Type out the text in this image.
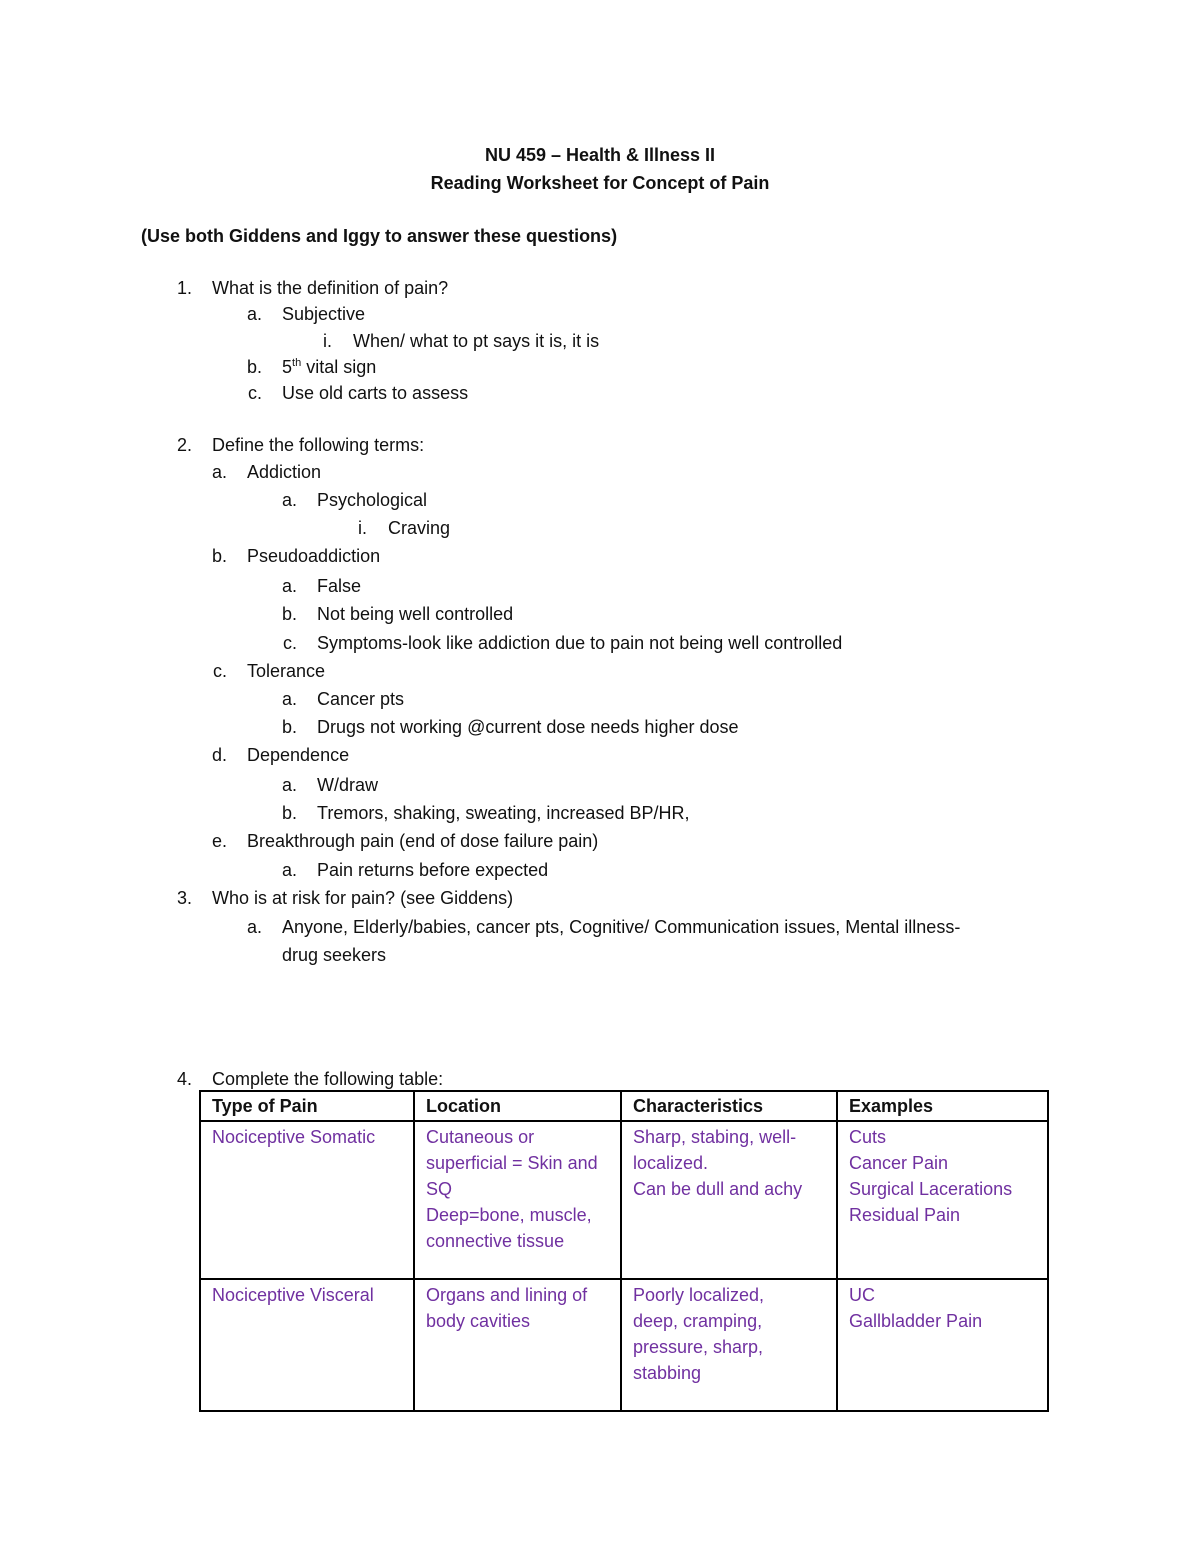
NU 459 – Health & Illness II
Reading Worksheet for Concept of Pain
(Use both Giddens and Iggy to answer these questions)
1. What is the definition of pain?
a. Subjective
i. When/ what to pt says it is, it is
b. 5th vital sign
c. Use old carts to assess
2. Define the following terms:
a. Addiction
a. Psychological
i. Craving
b. Pseudoaddiction
a. False
b. Not being well controlled
c. Symptoms-look like addiction due to pain not being well controlled
c. Tolerance
a. Cancer pts
b. Drugs not working @current dose needs higher dose
d. Dependence
a. W/draw
b. Tremors, shaking, sweating, increased BP/HR,
e. Breakthrough pain (end of dose failure pain)
a. Pain returns before expected
3. Who is at risk for pain? (see Giddens)
a. Anyone, Elderly/babies, cancer pts, Cognitive/ Communication issues, Mental illness-
drug seekers
4. Complete the following table:
Type of Pain	Location	Characteristics	Examples

Nociceptive Somatic	Cutaneous or
superficial = Skin and
SQ
Deep=bone, muscle,
connective tissue	Sharp, stabing, well-
localized.
Can be dull and achy	Cuts
Cancer Pain
Surgical Lacerations
Residual Pain

Nociceptive Visceral	Organs and lining of
body cavities	Poorly localized,
deep, cramping,
pressure, sharp,
stabbing	UC
Gallbladder Pain
